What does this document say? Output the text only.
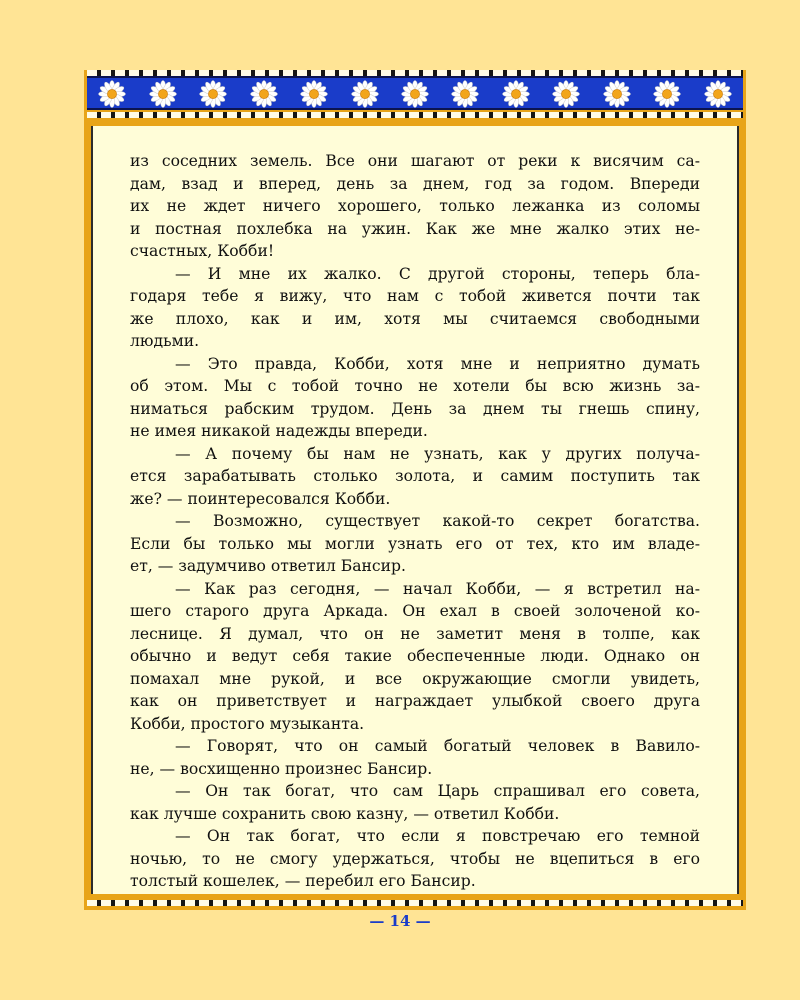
из соседних земель. Все они шагают от реки к висячим са-
дам, взад и вперед, день за днем, год за годом. Впереди
их не ждет ничего хорошего, только лежанка из соломы
и постная похлебка на ужин. Как же мне жалко этих не-
счастных, Кобби!
— И мне их жалко. С другой стороны, теперь бла-
годаря тебе я вижу, что нам с тобой живется почти так
же плохо, как и им, хотя мы считаемся свободными
людьми.
— Это правда, Кобби, хотя мне и неприятно думать
об этом. Мы с тобой точно не хотели бы всю жизнь за-
ниматься рабским трудом. День за днем ты гнешь спину,
не имея никакой надежды впереди.
— А почему бы нам не узнать, как у других получа-
ется зарабатывать столько золота, и самим поступить так
же? — поинтересовался Кобби.
— Возможно, существует какой-то секрет богатства.
Если бы только мы могли узнать его от тех, кто им владе-
ет, — задумчиво ответил Бансир.
— Как раз сегодня, — начал Кобби, — я встретил на-
шего старого друга Аркада. Он ехал в своей золоченой ко-
леснице. Я думал, что он не заметит меня в толпе, как
обычно и ведут себя такие обеспеченные люди. Однако он
помахал мне рукой, и все окружающие смогли увидеть,
как он приветствует и награждает улыбкой своего друга
Кобби, простого музыканта.
— Говорят, что он самый богатый человек в Вавило-
не, — восхищенно произнес Бансир.
— Он так богат, что сам Царь спрашивал его совета,
как лучше сохранить свою казну, — ответил Кобби.
— Он так богат, что если я повстречаю его темной
ночью, то не смогу удержаться, чтобы не вцепиться в его
толстый кошелек, — перебил его Бансир.
— 14 —
